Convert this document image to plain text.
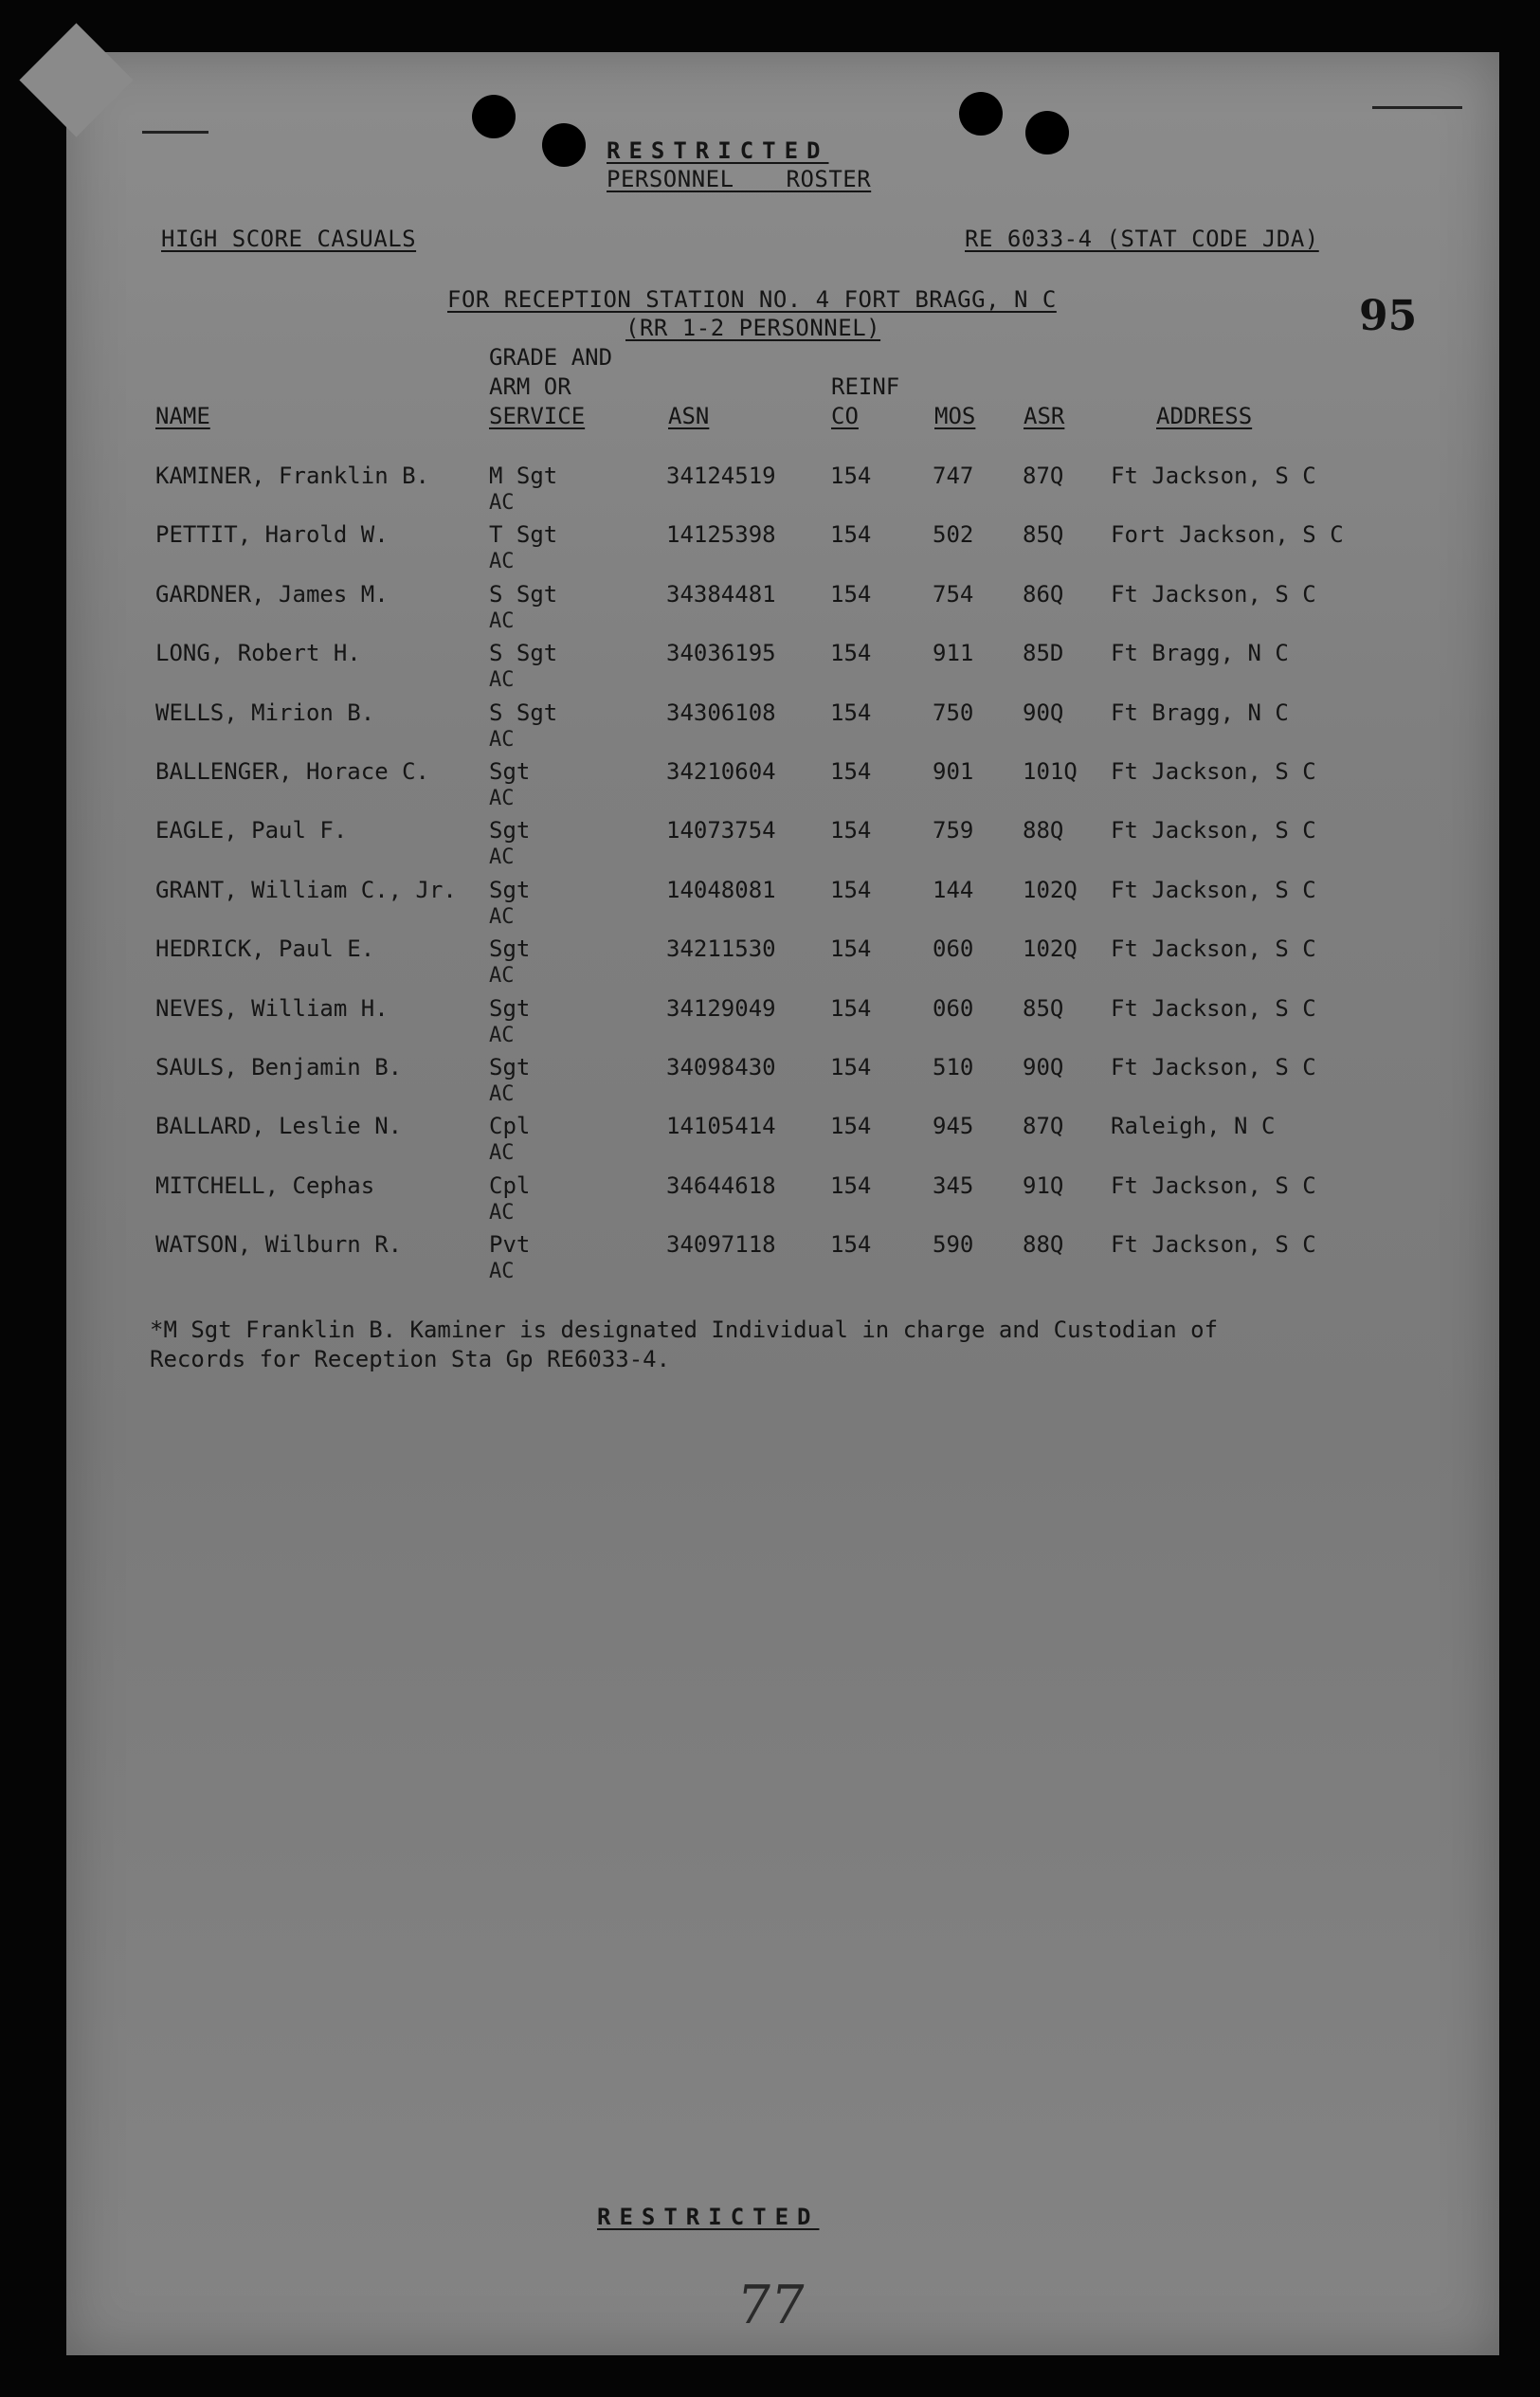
RESTRICTED
PERSONNEL ROSTER
HIGH SCORE CASUALS	RE 6033-4 (STAT CODE JDA)
FOR RECEPTION STATION NO. 4 FORT BRAGG, N C
(RR 1-2 PERSONNEL)	95
NAME
GRADE AND
ARM OR
SERVICE	ASN
REINF
CO	MOS ASR	ADDRESS
KAMINER, Franklin B.	M Sgt	34124519 154	747 87Q Ft Jackson, S C
AC
PETTIT, Harold W.	T Sgt	14125398 154	502 85Q Fort Jackson, S C
AC
GARDNER, James M.	S Sgt	34384481 154	754 86Q Ft Jackson, S C
AC
LONG, Robert H.	S Sgt	34036195 154	911 85D Ft Bragg, N C
AC
WELLS, Mirion B.	S Sgt	34306108 154	750 90Q Ft Bragg, N C
AC
BALLENGER, Horace C.	Sgt	34210604 154	901 101Q Ft Jackson, S C
AC
EAGLE, Paul F.	Sgt	14073754 154	759 88Q Ft Jackson, S C
AC
GRANT, William C., Jr. Sgt	14048081 154	144 102Q Ft Jackson, S C
AC
HEDRICK, Paul E.	Sgt	34211530 154	060 102Q Ft Jackson, S C
AC
NEVES, William H.	Sgt	34129049 154	060 85Q Ft Jackson, S C
AC
SAULS, Benjamin B.	Sgt	34098430 154	510 90Q Ft Jackson, S C
AC
BALLARD, Leslie N.	Cpl	14105414 154	945 87Q Raleigh, N C
AC
MITCHELL, Cephas	Cpl	34644618 154	345 91Q Ft Jackson, S C
AC
WATSON, Wilburn R.	Pvt	34097118 154	590 88Q Ft Jackson, S C
AC
*M Sgt Franklin B. Kaminer is designated Individual in charge and Custodian of
Records for Reception Sta Gp RE6033-4.
RESTRICTED
77
